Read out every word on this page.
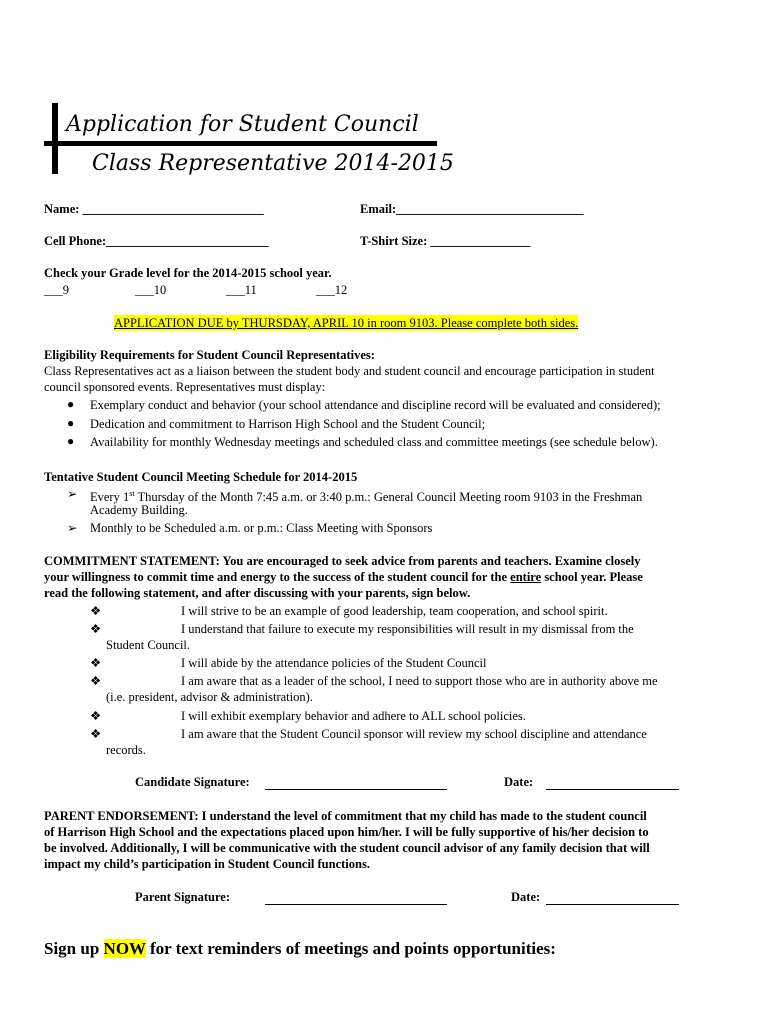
Application for Student Council
Class Representative 2014-2015
Name: _____________________________	Email:______________________________
Cell Phone:__________________________	T-Shirt Size: ________________
Check your Grade level for the 2014-2015 school year.
___9	___10	___11	___12
APPLICATION DUE by THURSDAY, APRIL 10 in room 9103. Please complete both sides.
Eligibility Requirements for Student Council Representatives:
Class Representatives act as a liaison between the student body and student council and encourage participation in student
council sponsored events. Representatives must display:
● Exemplary conduct and behavior (your school attendance and discipline record will be evaluated and considered);
● Dedication and commitment to Harrison High School and the Student Council;
● Availability for monthly Wednesday meetings and scheduled class and committee meetings (see schedule below).
Tentative Student Council Meeting Schedule for 2014-2015
➢ Every 1st Thursday of the Month 7:45 a.m. or 3:40 p.m.: General Council Meeting room 9103 in the Freshman
Academy Building.
➢ Monthly to be Scheduled a.m. or p.m.: Class Meeting with Sponsors
COMMITMENT STATEMENT: You are encouraged to seek advice from parents and teachers. Examine closely
your willingness to commit time and energy to the success of the student council for the entire school year. Please
read the following statement, and after discussing with your parents, sign below.
❖	I will strive to be an example of good leadership, team cooperation, and school spirit.
❖	I understand that failure to execute my responsibilities will result in my dismissal from the
Student Council.
❖	I will abide by the attendance policies of the Student Council
❖	I am aware that as a leader of the school, I need to support those who are in authority above me
(i.e. president, advisor & administration).
❖	I will exhibit exemplary behavior and adhere to ALL school policies.
❖	I am aware that the Student Council sponsor will review my school discipline and attendance
records.
Candidate Signature:	Date:
PARENT ENDORSEMENT: I understand the level of commitment that my child has made to the student council
of Harrison High School and the expectations placed upon him/her. I will be fully supportive of his/her decision to
be involved. Additionally, I will be communicative with the student council advisor of any family decision that will
impact my child’s participation in Student Council functions.
Parent Signature:	Date:
Sign up NOW for text reminders of meetings and points opportunities:
